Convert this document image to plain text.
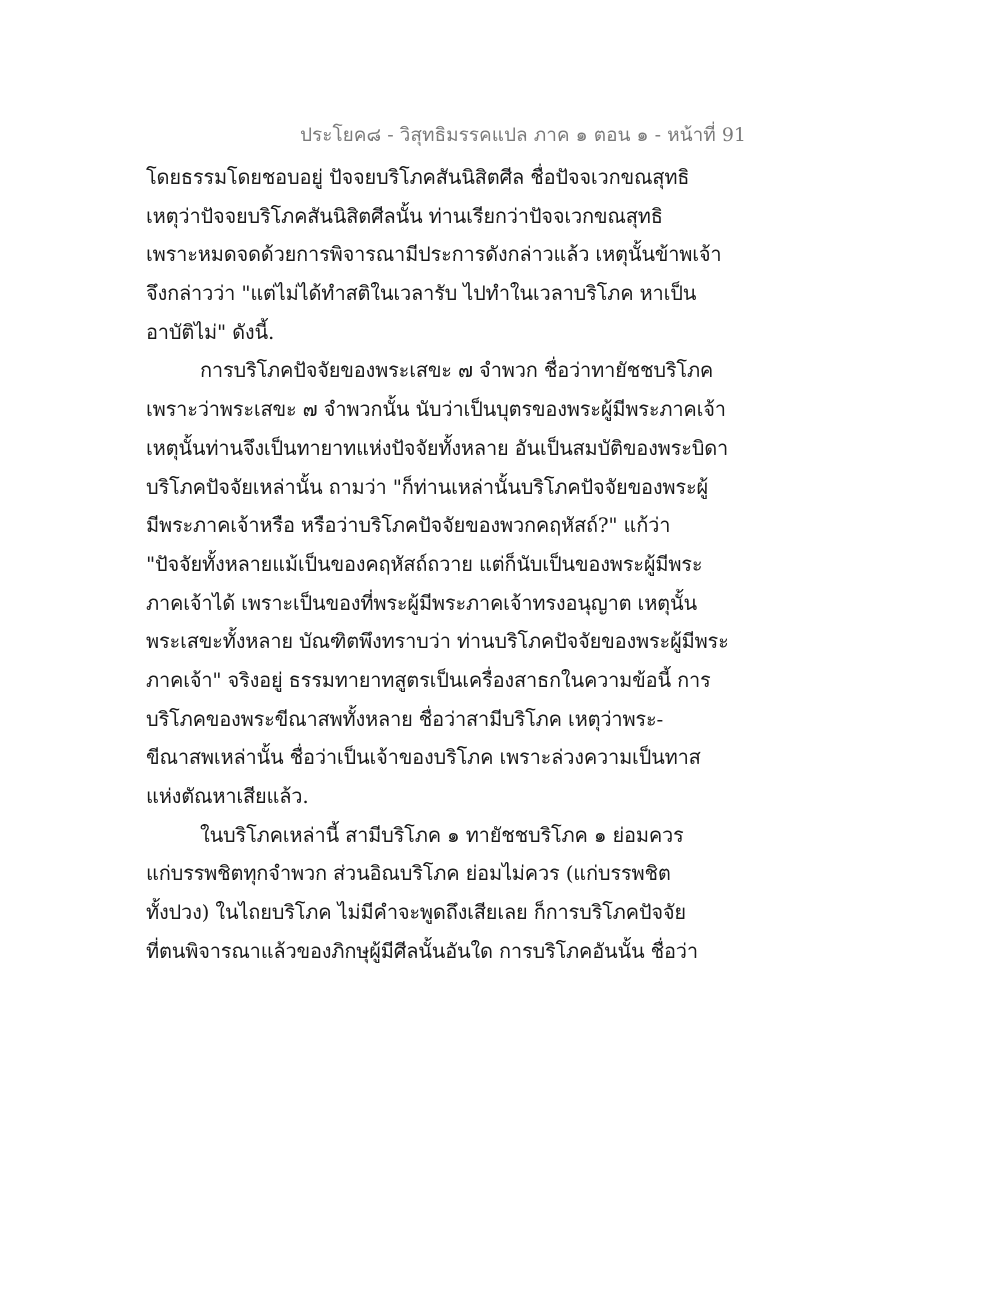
ประโยค๘ - วิสุทธิมรรคแปล ภาค ๑ ตอน ๑ - หน้าที่ 91
โดยธรรมโดยชอบอยู่ ปัจจยบริโภคสันนิสิตศีล ชื่อปัจจเวกขณสุทธิ
เหตุว่าปัจจยบริโภคสันนิสิตศีลนั้น ท่านเรียกว่าปัจจเวกขณสุทธิ
เพราะหมดจดด้วยการพิจารณามีประการดังกล่าวแล้ว เหตุนั้นข้าพเจ้า
จึงกล่าวว่า "แต่ไม่ได้ทำสติในเวลารับ ไปทำในเวลาบริโภค หาเป็น
อาบัติไม่" ดังนี้.
การบริโภคปัจจัยของพระเสขะ ๗ จำพวก ชื่อว่าทายัชชบริโภค
เพราะว่าพระเสขะ ๗ จำพวกนั้น นับว่าเป็นบุตรของพระผู้มีพระภาคเจ้า
เหตุนั้นท่านจึงเป็นทายาทแห่งปัจจัยทั้งหลาย อันเป็นสมบัติของพระบิดา
บริโภคปัจจัยเหล่านั้น ถามว่า "ก็ท่านเหล่านั้นบริโภคปัจจัยของพระผู้
มีพระภาคเจ้าหรือ หรือว่าบริโภคปัจจัยของพวกคฤหัสถ์?" แก้ว่า
"ปัจจัยทั้งหลายแม้เป็นของคฤหัสถ์ถวาย แต่ก็นับเป็นของพระผู้มีพระ
ภาคเจ้าได้ เพราะเป็นของที่พระผู้มีพระภาคเจ้าทรงอนุญาต เหตุนั้น
พระเสขะทั้งหลาย บัณฑิตพึงทราบว่า ท่านบริโภคปัจจัยของพระผู้มีพระ
ภาคเจ้า" จริงอยู่ ธรรมทายาทสูตรเป็นเครื่องสาธกในความข้อนี้ การ
บริโภคของพระขีณาสพทั้งหลาย ชื่อว่าสามีบริโภค เหตุว่าพระ-
ขีณาสพเหล่านั้น ชื่อว่าเป็นเจ้าของบริโภค เพราะล่วงความเป็นทาส
แห่งตัณหาเสียแล้ว.
ในบริโภคเหล่านี้ สามีบริโภค ๑ ทายัชชบริโภค ๑ ย่อมควร
แก่บรรพชิตทุกจำพวก ส่วนอิณบริโภค ย่อมไม่ควร (แก่บรรพชิต
ทั้งปวง) ในไถยบริโภค ไม่มีคำจะพูดถึงเสียเลย ก็การบริโภคปัจจัย
ที่ตนพิจารณาแล้วของภิกษุผู้มีศีลนั้นอันใด การบริโภคอันนั้น ชื่อว่า
